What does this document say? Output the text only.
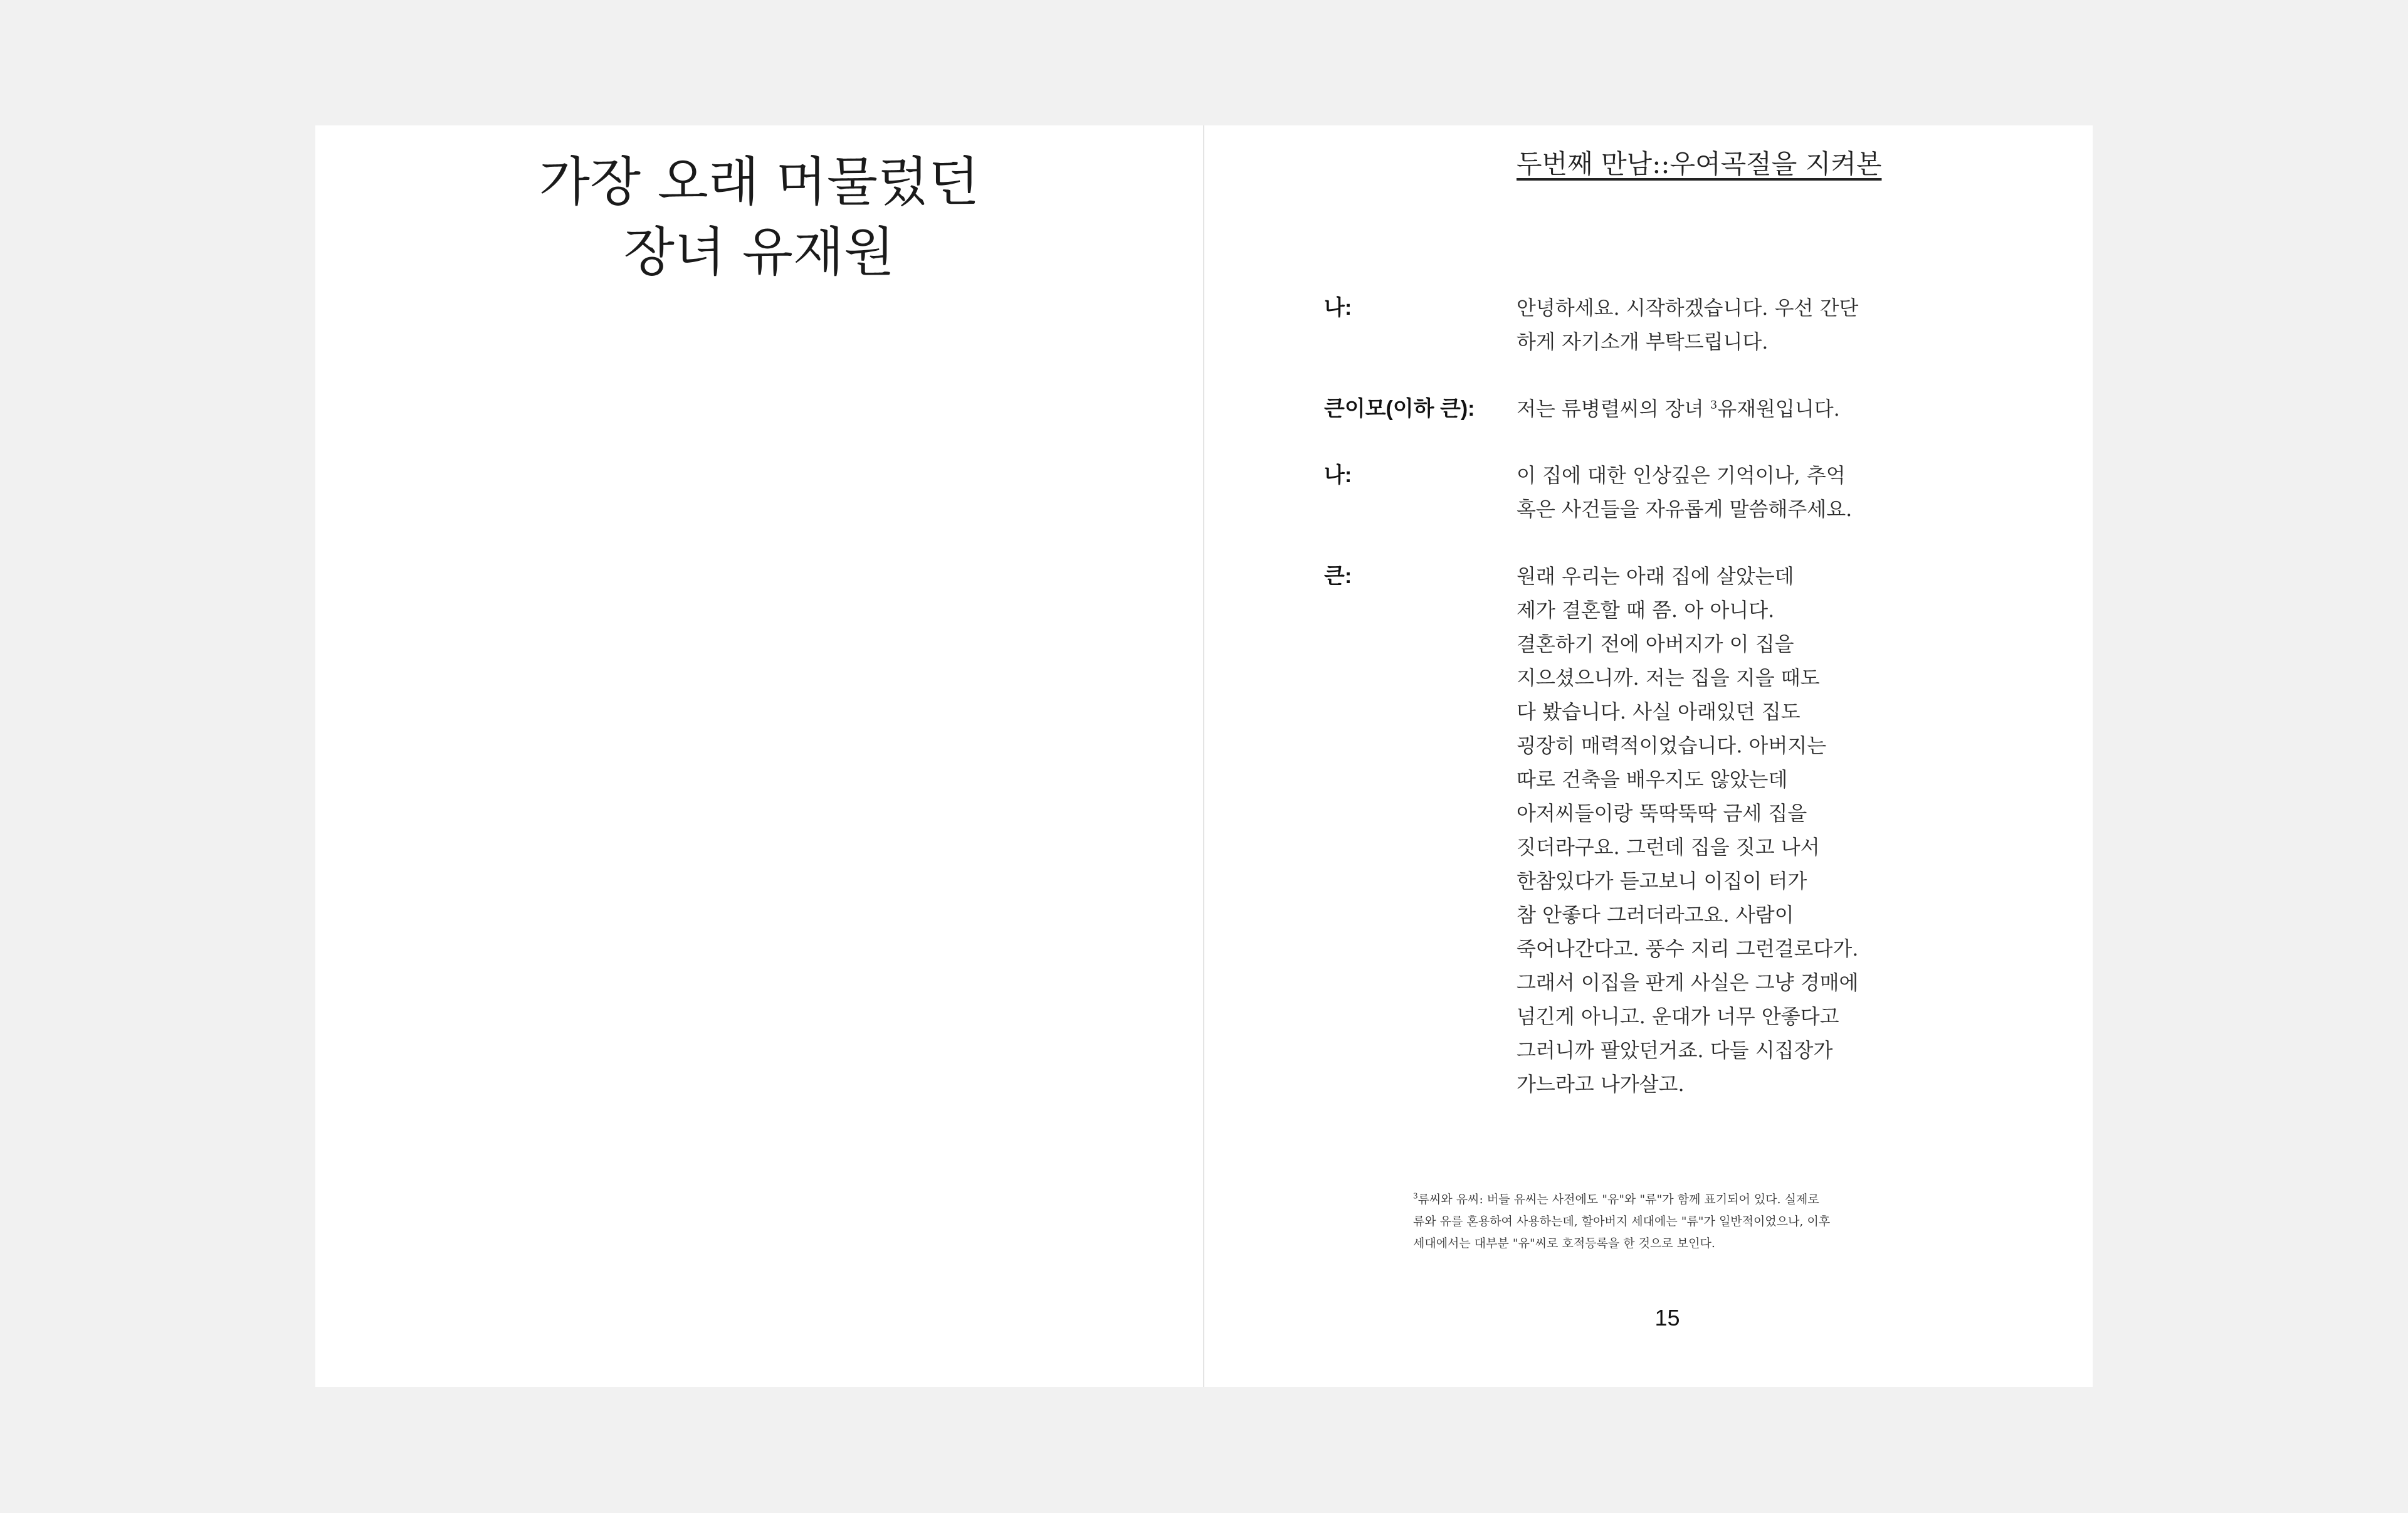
가장 오래 머물렀던
장녀 유재원
두번째 만남::우여곡절을 지켜본
나:	안녕하세요. 시작하겠습니다. 우선 간단
하게 자기소개 부탁드립니다.
큰이모(이하 큰): 저는 류병렬씨의 장녀 $^3$유재원입니다.
나:	이 집에 대한 인상깊은 기억이나, 추억
혹은 사건들을 자유롭게 말씀해주세요.
큰:	원래 우리는 아래 집에 살았는데
제가 결혼할 때 쯤. 아 아니다.
결혼하기 전에 아버지가 이 집을
지으셨으니까. 저는 집을 지을 때도
다 봤습니다. 사실 아래있던 집도
굉장히 매력적이었습니다. 아버지는
따로 건축을 배우지도 않았는데
아저씨들이랑 뚝딱뚝딱 금세 집을
짓더라구요. 그런데 집을 짓고 나서
한참있다가 듣고보니 이집이 터가
참 안좋다 그러더라고요. 사람이
죽어나간다고. 풍수 지리 그런걸로다가.
그래서 이집을 판게 사실은 그냥 경매에
넘긴게 아니고. 운대가 너무 안좋다고
그러니까 팔았던거죠. 다들 시집장가
가느라고 나가살고.
$^3$류씨와 유씨: 버들 유씨는 사전에도 "유"와 "류"가 함께 표기되어 있다. 실제로
류와 유를 혼용하여 사용하는데, 할아버지 세대에는 "류"가 일반적이었으나, 이후
세대에서는 대부분 "유"씨로 호적등록을 한 것으로 보인다.
15
